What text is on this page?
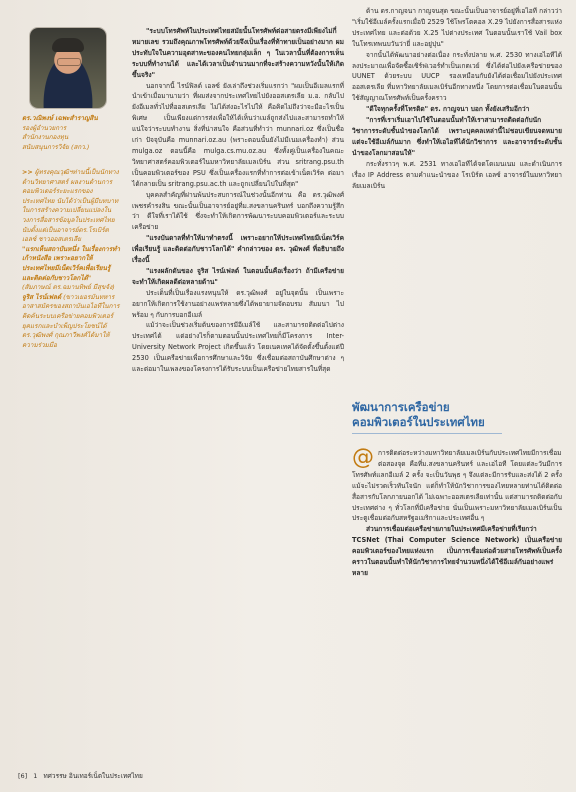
ดร.วณิพงษ์ เฉพะสำราญสิน
รองผู้อำนวยการ
สำนักงานกองทุน
สนับสนุนการวิจัย (สกว.)

>> ผู้ทรงคุณวุฒิฯท่านนี้เป็นนักทางด้านวิทยาศาสตร์ ผลงานด้านการคอมพิวเตอร์ระยะแรกของประเทศไทย นับได้ว่าเป็นผู้มีบทบาทในการสร้างความเปลี่ยนแปลงในวงการสื่อสารข้อมูลในประเทศไทย นับตั้งแต่เป็นอาจารย์ดร.โรเบิร์ต เอลซ์ ชาวออสเตรเลีย

"แรกเห็นสถาบันหนึ่ง ในเรื่องการทำเก้าหนังสือ เพราะอยากให้ประเทศไทยมีเน็ตเวิร์คเพื่อเรียนรู้ และติดต่อกับชาวโลกได้"

(สัมภาษณ์ ดร.ฉมานทิพย์ มีสุขจัง)

จูริส ไรน์เฟลด์ (ขาวเยอรมันทหารอาสาสมัครของสถาบันเอไอทีในการคิดค้นระบบเครือข่ายคอมพิวเตอร์ยุคแรกและบำเพ็ญประโยชน์ได้ ดร.วุฒิพงศ์ กุณภาวีพงศ์ได้มาให้ความร่วมมือ

"ระบบโทรศัพท์ในประเทศไทยสมัยนั้นโทรศัพท์ต่อสายตรงมีเพียงไม่กี่หมายเลข รวมถึงคุณภาพโทรศัพท์ด้วยจึงเป็นเรื่องที่ท้าทายเป็นอย่างมาก ผมประทับใจในความอุตสาหะของคนไทยกลุ่มเล็ก ๆ ในเวลานั้นที่ต้องการเห็นระบบที่ทำงานได้ และได้เวลาเป็นจำนวนมากที่จะสร้างความหวังนั้นให้เกิดขึ้นจริง"

นอกจากนี้ ไรน์ฟิลด์ เอลซ์ ยังเล่าถึงช่วงเริ่มแรกว่า "ผมเป็นอีเมลแรกที่นำเข้าเมื่อมานามว่า ที่ผมส่งจากประเทศไทยไปยังออสเตรเลีย ม.อ. กลับไปยังอีเมลทั่วไปที่ออสเตรเลีย ไม่ได้ส่งอะไรไปให้ คือคิดไม่ถึงว่าจะมีอะไรเป็นพิเศษ เป็นเพียงแต่การส่งเพื่อให้ได้เห็นว่าเมล์ถูกส่งไปและสามารถทำให้แน่ใจว่าระบบทำงาน สิ่งที่น่าสนใจ คือส่วนที่ทำว่า munnari.oz ซึ่งเป็นชื่อเก่า ปัจจุบันคือ munnari.oz.au (พราะตอนนั้นยังไม่มีเนมเครื่องทำ) ส่วน mulga.oz ตอนนี้คือ mulga.cs.mu.oz.au ซึ่งทั้งคู่เป็นเครื่องในคณะวิทยาศาสตร์คอมพิวเตอร์ในมหาวิทยาลัยเมลเบิร์น ส่วน sritrang.psu.th เป็นคอมพิวเตอร์ของ PSU ซึ่งเป็นเครื่องแรกที่ทำการต่อเข้าเน็ตเวิร์ค ต่อมาได้กลายเป็น sritrang.psu.ac.th และถูกเปลี่ยนไปในที่สุด"

บุคคลสำคัญที่ผ่านพ้นประสบการณ์ในช่วงนั้นอีกท่าน คือ ดร.วุฒิพงศ์ เพชรคำรงสิน ขณะนั้นเป็นอาจารย์อยู่ที่ม.สงขลานครินทร์ บอกถึงความรู้สึกว่า ดีใจที่เราได้ใช้ ซึ่งจะทำให้เกิดการพัฒนาระบบคอมพิวเตอร์และระบบเครือข่าย

"แรงบันดาลที่ทำให้มาทำตรงนี้ เพราะอยากให้ประเทศไทยมีเน็ตเวิร์คเพื่อเรียนรู้ และติดต่อกับชาวโลกได้" คำกล่าวของ ดร. วุฒิพงศ์ ที่อธิบายถึงเรื่องนี้

"แรงผลักดันของ จูริส ไรน์เฟลด์ ในตอนนั้นคือเรื่องว่า ถ้ามีเครือข่าย จะทำให้เกิดผลดีต่อหลายด้าน"

ประเด็นที่เป็นเรื่องแรงหนุนให้ ดร.วุฒิพงศ์ อยู่ในจุดนั้น เป็นเพราะ อยากให้เกิดการใช้งานอย่างแพร่หลายซึ่งได้พยายามจัดอบรม สัมมนา ไปพร้อม ๆ กับการบอกอีเมล์

แม้ว่าจะเป็นช่วงเริ่มต้นของการมีอีเมล์ใช้ และสามารถติดต่อไปต่างประเทศได้ แต่อย่างไรก็ตามตอนนั้นประเทศไทยก็มีโครงการ Inter-University Network Project เกิดขึ้นแล้ว โดยเนคเทคได้จัดตั้งขึ้นตั้งแต่ปี 2530 เป็นเครือข่ายเพื่อการศึกษาและวิจัย ซึ่งเชื่อมต่อสถาบันศึกษาต่าง ๆ และต่อมาในเพลงของโครงการได้รับระบบเป็นเครือข่ายไทยสารในที่สุด

ด้าน ดร.กาญจนา กาญจนสุด ขณะนั้นเป็นอาจารย์อยู่ที่เอไอที กล่าวว่า "เริ่มใช้อีเมล์ครั้งแรกเมื่อปี 2529 ใช้โพรโตคอล X.29 ไปยังการสื่อสารแห่งประเทศไทย และต่อด้วย X.25 ไปต่างประเทศ ในตอนนั้นเราใช้ Vail box ในโทรเทพนบวันว่ายี่ และอยู่ปุน"

จากนั้นได้พัฒนาอย่างต่อเนื่อง กระทั่งปลาย พ.ศ. 2530 ทางเอไอทีได้ลงประมาณเพื่อจัดซื้อเซิร์ฟเวอร์ทำเป็นเกตเวย์ ซึ่งได้ต่อไปยังเครือข่ายของ UUNET ด้วยระบบ UUCP รองเหมือนกับยังได้ต่อเชื่อมไปยังประเทศออสเตรเลีย ที่มหาวิทยาลัยเมลเบิร์นอีกทางหนึ่ง โดยการต่อเชื่อมในตอนนั้นใช้สัญญาณโทรศัพท์เป็นครั้งคราว

"ดีใจทุกครั้งที่โทรติด" ดร. กาญจนา บอก ทั้งยังเสริมอีกว่า

"การที่เราเริ่มเอาไปใช้ในตอนนั้นทำให้เราสามารถติดต่อกับนักวิชาการระดับชั้นนำของโลกได้ เพราะบุคคลเหล่านี้ไม่ชอบเขียนจดหมาย แต่จะใช้อีเมล์กันมาก ซึ่งทำให้เอไอทีได้นักวิชาการ และอาจารย์ระดับชั้นนำของโลกมาสอนให้"

กระทั่งราวๆ พ.ศ. 2531 ทางเอไอทีได้จดโดเมนเนม และดำเนินการเรื่อง IP Address ตามคำแนะนำของ โรเบิร์ต เอลซ์ อาจารย์ในมหาวิทยาลัยเมลเบิร์น

พัฒนาการเครือข่าย
คอมพิวเตอร์ในประเทศไทย

@ การติดต่อระหว่างมหาวิทยาลัยเมลเบิร์นกับประเทศไทยมีการเชื่อมต่อสองจุด คือที่ม.สงขลานครินทร์ และเอไอที โดยแต่ละวันมีการโทรศัพท์แลกอีเมล์ 2 ครั้ง จะเป็นวันพุธ ๆ จึงแต่ละมีการรับและส่งได้ 2 ครั้ง แม้จะไม่รวดเร็วทันใจนัก แต่ก็ทำให้นักวิชาการของไทยหลายท่านได้ติดต่อสื่อสารกับโลกภายนอกได้ ไม่เฉพาะออสเตรเลียเท่านั้น แต่สามารถติดต่อกับประเทศต่าง ๆ ทั่วโลกที่มีเครือข่าย นั่นเป็นเพราะมหาวิทยาลัยเมลเบิร์นเป็นประตูเชื่อมต่อกับสหรัฐอเมริกาและประเทศอื่น ๆ

ส่วนการเชื่อมต่อเครือข่ายภายในประเทศมีเครือข่ายที่เรียกว่า TCSNet (Thai Computer Science Network) เป็นเครือข่ายคอมพิวเตอร์ของไทยแห่งแรก เป็นการเชื่อมต่อด้วยสายโทรศัพท์เป็นครั้งคราวในตอนนั้นทำให้นักวิชาการไทยจำนวนหนึ่งได้ใช้อีเมล์กันอย่างแพร่หลาย

[6] 1 ทศวรรษ อินเทอร์เน็ตในประเทศไทย
